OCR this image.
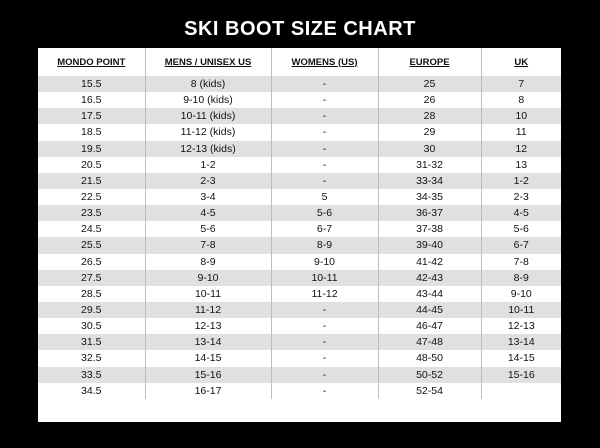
SKI BOOT SIZE CHART
MONDO POINT	MENS / UNISEX US	WOMENS (US)	EUROPE	UK
15.5	8 (kids)	-	25	7
16.5	9-10 (kids)	-	26	8
17.5	10-11 (kids)	-	28	10
18.5	11-12 (kids)	-	29	11
19.5	12-13 (kids)	-	30	12
20.5	1-2	-	31-32	13
21.5	2-3	-	33-34	1-2
22.5	3-4	5	34-35	2-3
23.5	4-5	5-6	36-37	4-5
24.5	5-6	6-7	37-38	5-6
25.5	7-8	8-9	39-40	6-7
26.5	8-9	9-10	41-42	7-8
27.5	9-10	10-11	42-43	8-9
28.5	10-11	11-12	43-44	9-10
29.5	11-12	-	44-45	10-11
30.5	12-13	-	46-47	12-13
31.5	13-14	-	47-48	13-14
32.5	14-15	-	48-50	14-15
33.5	15-16	-	50-52	15-16
34.5	16-17	-	52-54	
